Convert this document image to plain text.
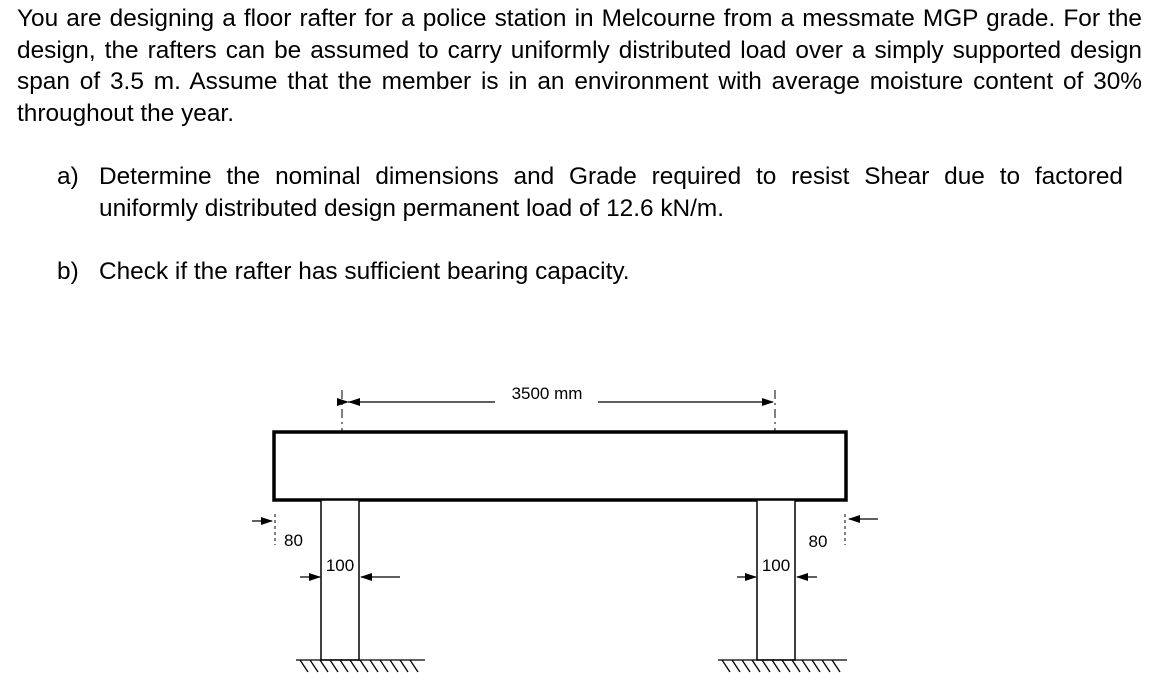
You are designing a floor rafter for a police station in Melcourne from a messmate MGP grade. For the design, the rafters can be assumed to carry uniformly distributed load over a simply supported design span of 3.5 m. Assume that the member is in an environment with average moisture content of 30% throughout the year.

a) Determine the nominal dimensions and Grade required to resist Shear due to factored uniformly distributed design permanent load of 12.6 kN/m.
b) Check if the rafter has sufficient bearing capacity.
3500 mm
80
100	100
80
